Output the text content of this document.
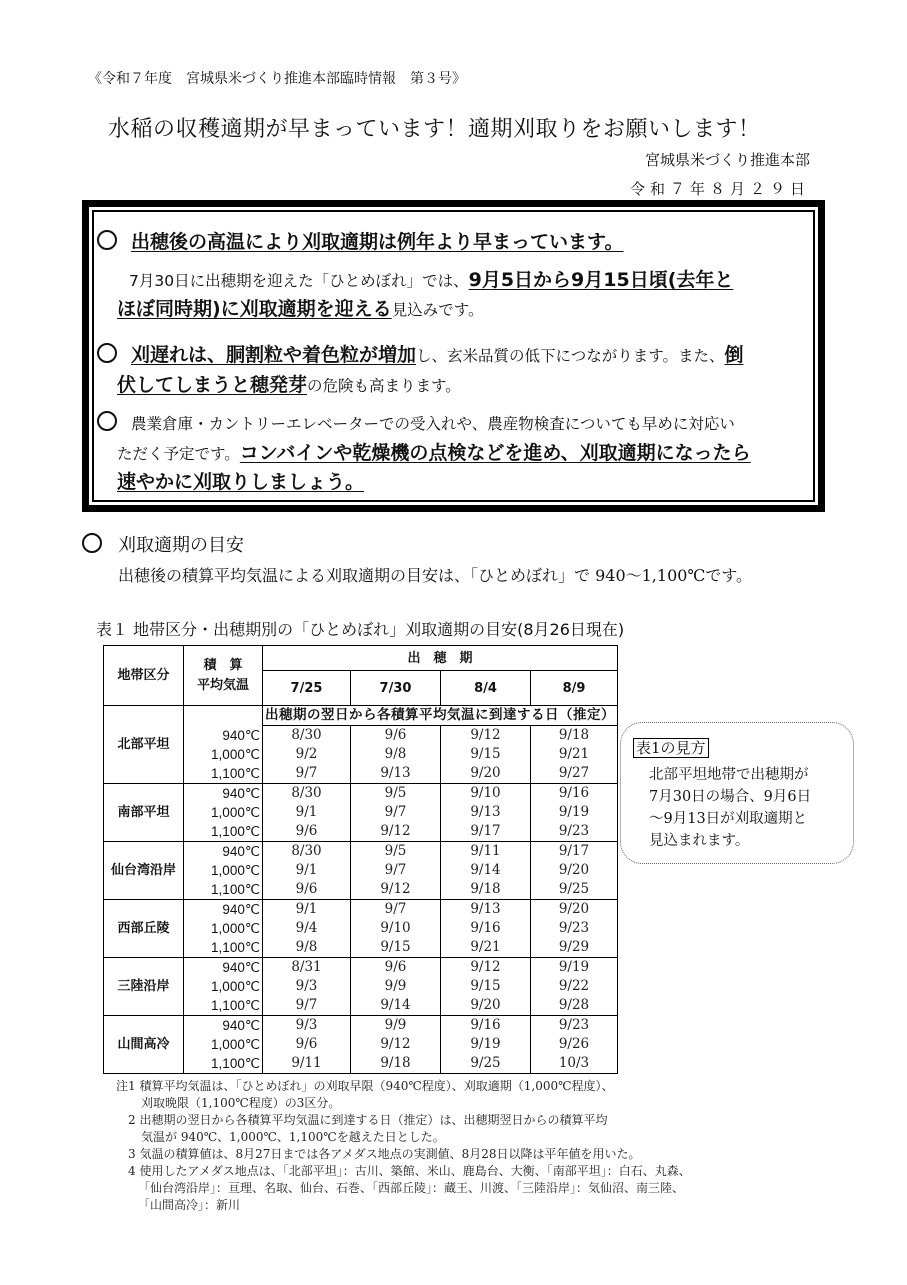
《令和７年度　宮城県米づくり推進本部臨時情報　第３号》
水稲の収穫適期が早まっています！適期刈取りをお願いします！
宮城県米づくり推進本部
令和７年８月２９日
出穂後の高温により刈取適期は例年より早まっています。
7月30日に出穂期を迎えた「ひとめぼれ」では、9月5日から9月15日頃(去年と
ほぼ同時期)に刈取適期を迎える見込みです。
刈遅れは、胴割粒や着色粒が増加し、玄米品質の低下につながります。また、倒
伏してしまうと穂発芽の危険も高まります。
農業倉庫・カントリーエレベーターでの受入れや、農産物検査についても早めに対応い
ただく予定です。コンバインや乾燥機の点検などを進め、刈取適期になったら
速やかに刈取りしましょう。
刈取適期の目安
出穂後の積算平均気温による刈取適期の目安は、「ひとめぼれ」で 940～1,100℃です。
表１ 地帯区分・出穂期別の「ひとめぼれ」刈取適期の目安(8月26日現在)
地帯区分	積　算
平均気温	出　穂　期			
		7/25	7/30	8/4	8/9
北部平坦		出穂期の翌日から各積算平均気温に到達する日（推定）			
	940℃	8/30	9/6	9/12	9/18
	1,000℃	9/2	9/8	9/15	9/21
	1,100℃	9/7	9/13	9/20	9/27
南部平坦	940℃	8/30	9/5	9/10	9/16
	1,000℃	9/1	9/7	9/13	9/19
	1,100℃	9/6	9/12	9/17	9/23
仙台湾沿岸	940℃	8/30	9/5	9/11	9/17
	1,000℃	9/1	9/7	9/14	9/20
	1,100℃	9/6	9/12	9/18	9/25
西部丘陵	940℃	9/1	9/7	9/13	9/20
	1,000℃	9/4	9/10	9/16	9/23
	1,100℃	9/8	9/15	9/21	9/29
三陸沿岸	940℃	8/31	9/6	9/12	9/19
	1,000℃	9/3	9/9	9/15	9/22
	1,100℃	9/7	9/14	9/20	9/28
山間高冷	940℃	9/3	9/9	9/16	9/23
	1,000℃	9/6	9/12	9/19	9/26
	1,100℃	9/11	9/18	9/25	10/3
表1の見方
北部平坦地帯で出穂期が
7月30日の場合、9月6日
～9月13日が刈取適期と
見込まれます。
注1 積算平均気温は、「ひとめぼれ」の刈取早限（940℃程度）、刈取適期（1,000℃程度）、
刈取晩限（1,100℃程度）の3区分。
2 出穂期の翌日から各積算平均気温に到達する日（推定）は、出穂期翌日からの積算平均
気温が 940℃、1,000℃、1,100℃を越えた日とした。
3 気温の積算値は、8月27日までは各アメダス地点の実測値、8月28日以降は平年値を用いた。
4 使用したアメダス地点は、「北部平坦」：古川、築館、米山、鹿島台、大衡、「南部平坦」：白石、丸森、
「仙台湾沿岸」：亘理、名取、仙台、石巻、「西部丘陵」：蔵王、川渡、「三陸沿岸」：気仙沼、南三陸、
「山間高冷」：新川
